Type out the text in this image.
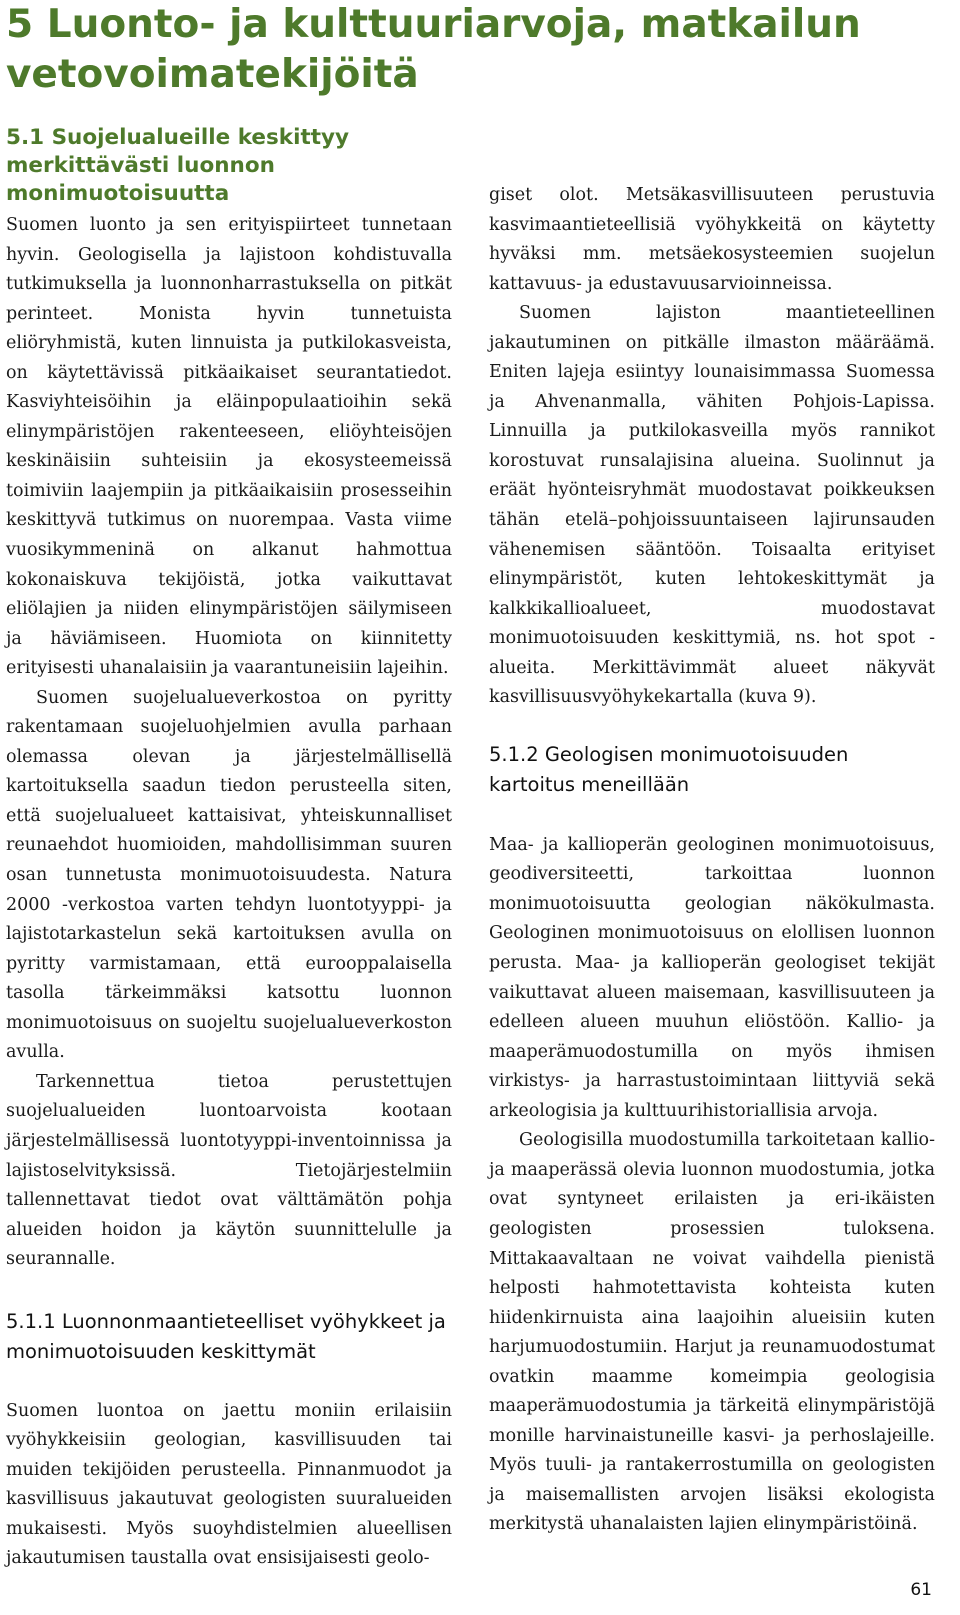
5 Luonto- ja kulttuuriarvoja, matkailun vetovoimatekijöitä
5.1 Suojelualueille keskittyy merkittävästi luonnon monimuotoisuutta

Suomen luonto ja sen erityispiirteet tunnetaan hyvin. Geologisella ja lajistoon kohdistuvalla tutkimuksella ja luonnonharrastuksella on pitkät perinteet. Monista hyvin tunnetuista eliöryhmistä, kuten linnuista ja putkilokasveista, on käytettävissä pitkäaikaiset seurantatiedot. Kasviyhteisöihin ja eläinpopulaatioihin sekä elinympäristöjen rakenteeseen, eliöyhteisöjen keskinäisiin suhteisiin ja ekosysteemeissä toimiviin laajempiin ja pitkäaikaisiin prosesseihin keskittyvä tutkimus on nuorempaa. Vasta viime vuosikymmeninä on alkanut hahmottua kokonaiskuva tekijöistä, jotka vaikuttavat eliölajien ja niiden elinympäristöjen säilymiseen ja häviämiseen. Huomiota on kiinnitetty erityisesti uhanalaisiin ja vaarantuneisiin lajeihin.

Suomen suojelualueverkostoa on pyritty rakentamaan suojeluohjelmien avulla parhaan olemassa olevan ja järjestelmällisellä kartoituksella saadun tiedon perusteella siten, että suojelualueet kattaisivat, yhteiskunnalliset reunaehdot huomioiden, mahdollisimman suuren osan tunnetusta monimuotoisuudesta. Natura 2000 -verkostoa varten tehdyn luontotyyppi- ja lajistotarkastelun sekä kartoituksen avulla on pyritty varmistamaan, että eurooppalaisella tasolla tärkeimmäksi katsottu luonnon monimuotoisuus on suojeltu suojelualueverkoston avulla.

Tarkennettua tietoa perustettujen suojelualueiden luontoarvoista kootaan järjestelmällisessä luontotyyppi-inventoinnissa ja lajistoselvityksissä. Tietojärjestelmiin tallennettavat tiedot ovat välttämätön pohja alueiden hoidon ja käytön suunnittelulle ja seurannalle.

5.1.1 Luonnonmaantieteelliset vyöhykkeet ja monimuotoisuuden keskittymät

Suomen luontoa on jaettu moniin erilaisiin vyöhykkeisiin geologian, kasvillisuuden tai muiden tekijöiden perusteella. Pinnanmuodot ja kasvillisuus jakautuvat geologisten suuralueiden mukaisesti. Myös suoyhdistelmien alueellisen jakautumisen taustalla ovat ensisijaisesti geolo-

giset olot. Metsäkasvillisuuteen perustuvia kasvimaantieteellisiä vyöhykkeitä on käytetty hyväksi mm. metsäekosysteemien suojelun kattavuus- ja edustavuusarvioinneissa.

Suomen lajiston maantieteellinen jakautuminen on pitkälle ilmaston määräämä. Eniten lajeja esiintyy lounaisimmassa Suomessa ja Ahvenanmalla, vähiten Pohjois-Lapissa. Linnuilla ja putkilokasveilla myös rannikot korostuvat runsalajisina alueina. Suolinnut ja eräät hyönteisryhmät muodostavat poikkeuksen tähän etelä–pohjoissuuntaiseen lajirunsauden vähenemisen sääntöön. Toisaalta erityiset elinympäristöt, kuten lehtokeskittymät ja kalkkikallioalueet, muodostavat monimuotoisuuden keskittymiä, ns. hot spot -alueita. Merkittävimmät alueet näkyvät kasvillisuusvyöhykekartalla (kuva 9).

5.1.2 Geologisen monimuotoisuuden kartoitus meneillään

Maa- ja kallioperän geologinen monimuotoisuus, geodiversiteetti, tarkoittaa luonnon monimuotoisuutta geologian näkökulmasta. Geologinen monimuotoisuus on elollisen luonnon perusta. Maa- ja kallioperän geologiset tekijät vaikuttavat alueen maisemaan, kasvillisuuteen ja edelleen alueen muuhun eliöstöön. Kallio- ja maaperämuodostumilla on myös ihmisen virkistys- ja harrastustoimintaan liittyviä sekä arkeologisia ja kulttuurihistoriallisia arvoja.

Geologisilla muodostumilla tarkoitetaan kallio- ja maaperässä olevia luonnon muodostumia, jotka ovat syntyneet erilaisten ja eri-ikäisten geologisten prosessien tuloksena. Mittakaavaltaan ne voivat vaihdella pienistä helposti hahmotettavista kohteista kuten hiidenkirnuista aina laajoihin alueisiin kuten harjumuodostumiin. Harjut ja reunamuodostumat ovatkin maamme komeimpia geologisia maaperämuodostumia ja tärkeitä elinympäristöjä monille harvinaistuneille kasvi- ja perhoslajeille. Myös tuuli- ja rantakerrostumilla on geologisten ja maisemallisten arvojen lisäksi ekologista merkitystä uhanalaisten lajien elinympäristöinä.

61
